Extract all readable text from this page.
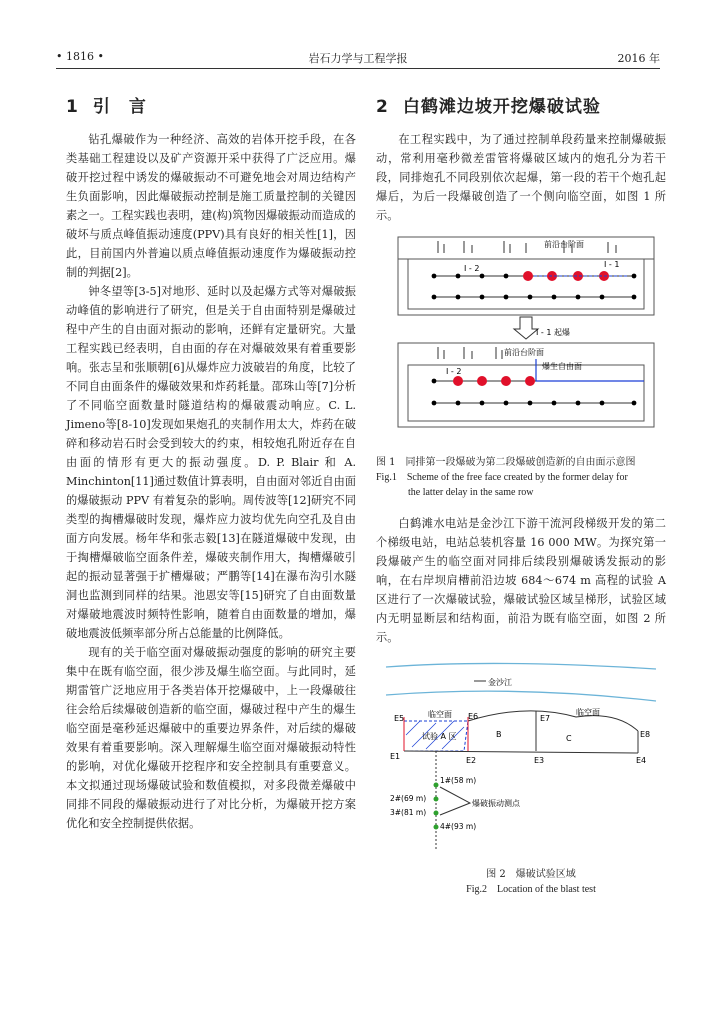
• 1816 •	岩石力学与工程学报	2016 年
1 引　言

钻孔爆破作为一种经济、高效的岩体开挖手段，在各类基础工程建设以及矿产资源开采中获得了广泛应用。爆破开挖过程中诱发的爆破振动不可避免地会对周边结构产生负面影响，因此爆破振动控制是施工质量控制的关键因素之一。工程实践也表明，建(构)筑物因爆破振动而造成的破坏与质点峰值振动速度(PPV)具有良好的相关性[1]，因此，目前国内外普遍以质点峰值振动速度作为爆破振动控制的判据[2]。

钟冬望等[3-5]对地形、延时以及起爆方式等对爆破振动峰值的影响进行了研究，但是关于自由面特别是爆破过程中产生的自由面对振动的影响，还鲜有定量研究。大量工程实践已经表明，自由面的存在对爆破效果有着重要影响。张志呈和张顺朝[6]从爆炸应力波破岩的角度，比较了不同自由面条件的爆破效果和炸药耗量。邵珠山等[7]分析了不同临空面数量时隧道结构的爆破震动响应。C. L. Jimeno等[8-10]发现如果炮孔的夹制作用太大，炸药在破碎和移动岩石时会受到较大的约束，相较炮孔附近存在自由面的情形有更大的振动强度。D. P. Blair 和 A. Minchinton[11]通过数值计算表明，自由面对邻近自由面的爆破振动 PPV 有着复杂的影响。周传波等[12]研究不同类型的掏槽爆破时发现，爆炸应力波均优先向空孔及自由面方向发展。杨年华和张志毅[13]在隧道爆破中发现，由于掏槽爆破临空面条件差，爆破夹制作用大，掏槽爆破引起的振动显著强于扩槽爆破；严鹏等[14]在瀑布沟引水隧洞也监测到同样的结果。池恩安等[15]研究了自由面数量对爆破地震波时频特性影响，随着自由面数量的增加，爆破地震波低频率部分所占总能量的比例降低。

现有的关于临空面对爆破振动强度的影响的研究主要集中在既有临空面，很少涉及爆生临空面。与此同时，延期雷管广泛地应用于各类岩体开挖爆破中，上一段爆破往往会给后续爆破创造新的临空面，爆破过程中产生的爆生临空面是毫秒延迟爆破中的重要边界条件，对后续的爆破效果有着重要影响。深入理解爆生临空面对爆破振动特性的影响，对优化爆破开挖程序和安全控制具有重要意义。本文拟通过现场爆破试验和数值模拟，对多段微差爆破中同排不同段的爆破振动进行了对比分析，为爆破开挖方案优化和安全控制提供依据。

2 白鹤滩边坡开挖爆破试验

在工程实践中，为了通过控制单段药量来控制爆破振动，常利用毫秒微差雷管将爆破区域内的炮孔分为若干段，同排炮孔不同段别依次起爆，第一段的若干个炮孔起爆后，为后一段爆破创造了一个侧向临空面，如图 1 所示。

前沿台阶面
I - 2	I - 1
I - 1 起爆
前沿台阶面
爆生自由面
I - 2

图 1　同排第一段爆破为第二段爆破创造新的自由面示意图

Fig.1　Scheme of the free face created by the former delay for

the latter delay in the same row

白鹤滩水电站是金沙江下游干流河段梯级开发的第二个梯级电站，电站总装机容量 16 000 MW。为探究第一段爆破产生的临空面对同排后续段别爆破诱发振动的影响，在右岸坝肩槽前沿边坡 684～674 m 高程的试验 A 区进行了一次爆破试验，爆破试验区域呈梯形，试验区域内无明显断层和结构面，前沿为既有临空面，如图 2 所示。

金沙江
试验 A 区	B	C
临空面	临空面
E5	E6	E7
E8
E1	E2	E3	E4
1#(58 m)
2#(69 m)
3#(81 m)
4#(93 m)
爆破振动测点

图 2　爆破试验区域

Fig.2　Location of the blast test
